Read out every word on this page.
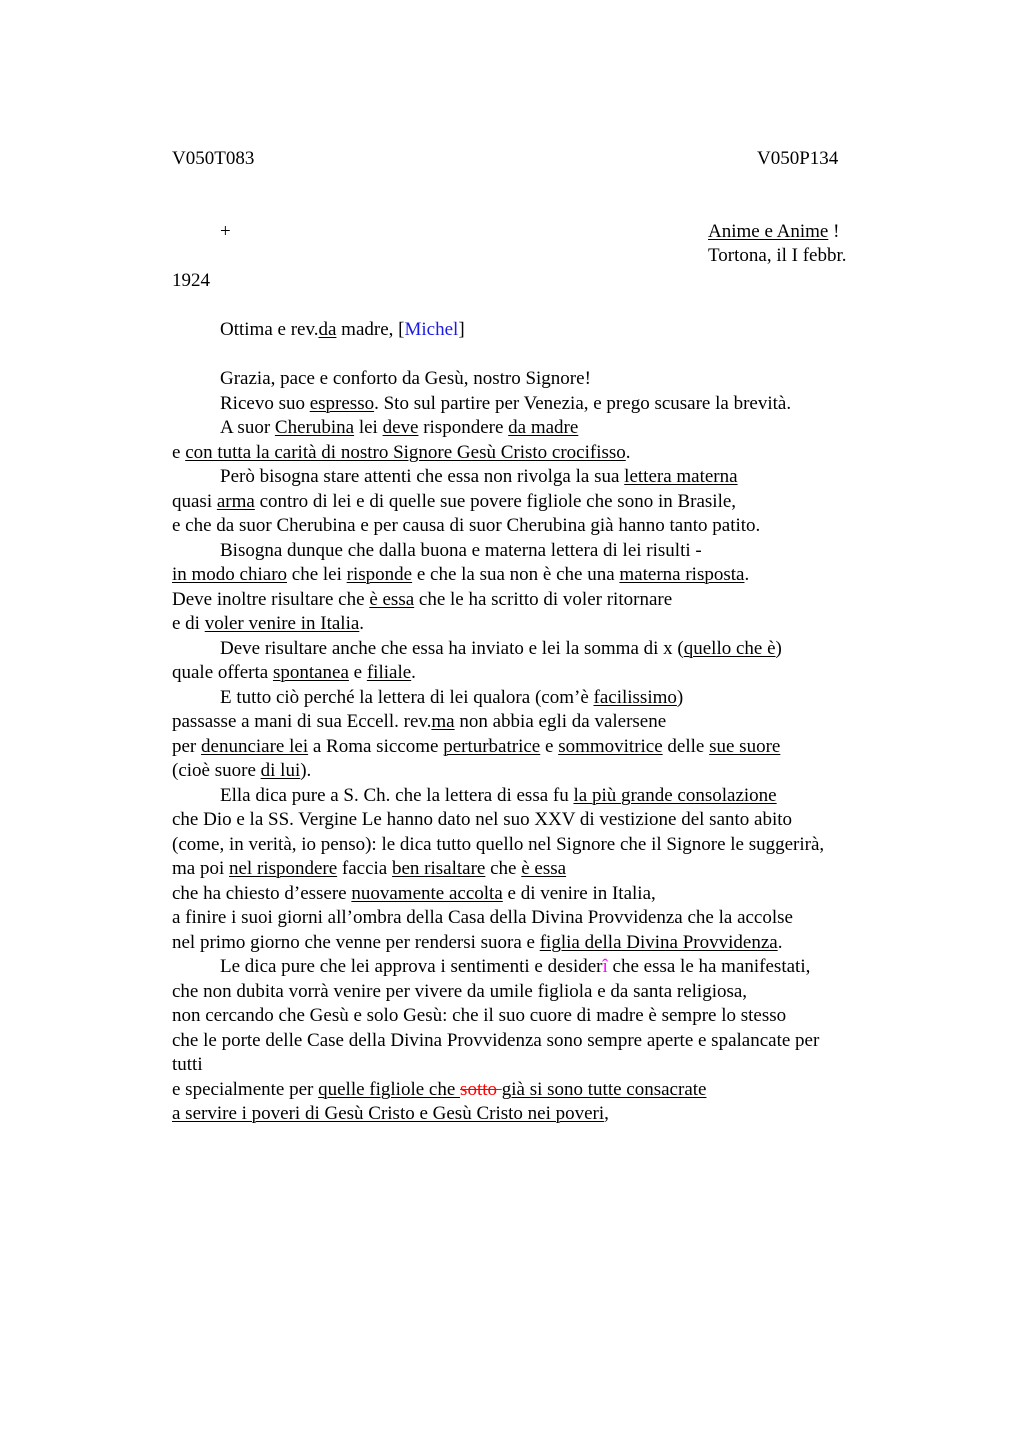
V050T083	V050P134
+	Anime e Anime !
Tortona, il I febbr.
1924
Ottima e rev.da madre, [Michel]
Grazia, pace e conforto da Gesù, nostro Signore!
Ricevo suo espresso. Sto sul partire per Venezia, e prego scusare la brevità.
A suor Cherubina lei deve rispondere da madre
e con tutta la carità di nostro Signore Gesù Cristo crocifisso.
Però bisogna stare attenti che essa non rivolga la sua lettera materna
quasi arma contro di lei e di quelle sue povere figliole che sono in Brasile,
e che da suor Cherubina e per causa di suor Cherubina già hanno tanto patito.
Bisogna dunque che dalla buona e materna lettera di lei risulti -
in modo chiaro che lei risponde e che la sua non è che una materna risposta.
Deve inoltre risultare che è essa che le ha scritto di voler ritornare
e di voler venire in Italia.
Deve risultare anche che essa ha inviato e lei la somma di x (quello che è)
quale offerta spontanea e filiale.
E tutto ciò perché la lettera di lei qualora (com’è facilissimo)
passasse a mani di sua Eccell. rev.ma non abbia egli da valersene
per denunciare lei a Roma siccome perturbatrice e sommovitrice delle sue suore
(cioè suore di lui).
Ella dica pure a S. Ch. che la lettera di essa fu la più grande consolazione
che Dio e la SS. Vergine Le hanno dato nel suo XXV di vestizione del santo abito
(come, in verità, io penso): le dica tutto quello nel Signore che il Signore le suggerirà,
ma poi nel rispondere faccia ben risaltare che è essa
che ha chiesto d’essere nuovamente accolta e di venire in Italia,
a finire i suoi giorni all’ombra della Casa della Divina Provvidenza che la accolse
nel primo giorno che venne per rendersi suora e figlia della Divina Provvidenza.
Le dica pure che lei approva i sentimenti e desiderî che essa le ha manifestati,
che non dubita vorrà venire per vivere da umile figliola e da santa religiosa,
non cercando che Gesù e solo Gesù: che il suo cuore di madre è sempre lo stesso
che le porte delle Case della Divina Provvidenza sono sempre aperte e spalancate per
tutti
e specialmente per quelle figliole che sotto già si sono tutte consacrate
a servire i poveri di Gesù Cristo e Gesù Cristo nei poveri,
